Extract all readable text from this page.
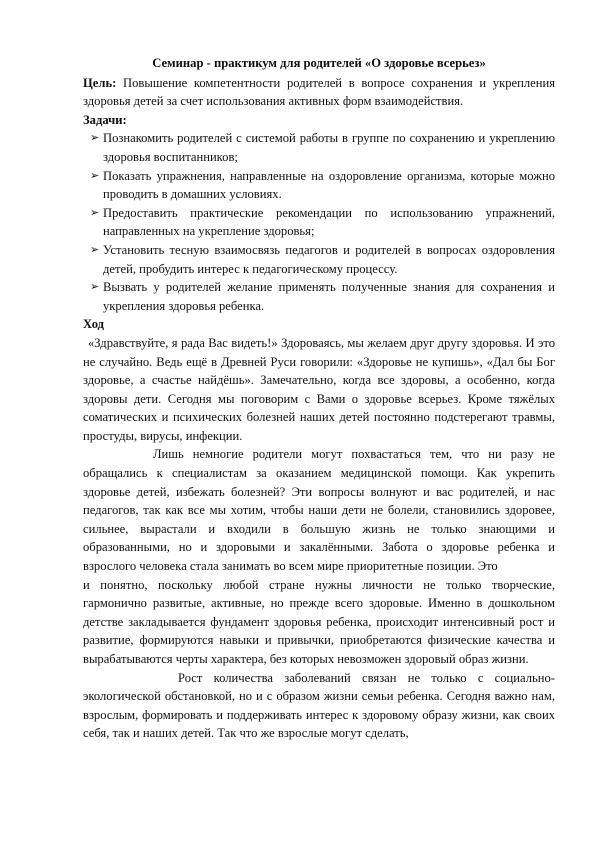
Семинар - практикум для родителей «О здоровье всерьез»

Цель: Повышение компетентности родителей в вопросе сохранения и укрепления здоровья детей за счет использования активных форм взаимодействия.

Задачи:

➢ Познакомить родителей с системой работы в группе по сохранению и укреплению здоровья воспитанников;
➢ Показать упражнения, направленные на оздоровление организма, которые можно проводить в домашних условиях.
➢ Предоставить практические рекомендации по использованию упражнений, направленных на укрепление здоровья;
➢ Установить тесную взаимосвязь педагогов и родителей в вопросах оздоровления детей, пробудить интерес к педагогическому процессу.
➢ Вызвать у родителей желание применять полученные знания для сохранения и укрепления здоровья ребенка.

Ход

«Здравствуйте, я рада Вас видеть!» Здороваясь, мы желаем друг другу здоровья. И это не случайно. Ведь ещё в Древней Руси говорили: «Здоровье не купишь», «Дал бы Бог здоровье, а счастье найдёшь». Замечательно, когда все здоровы, а особенно, когда здоровы дети. Сегодня мы поговорим с Вами о здоровье всерьез. Кроме тяжёлых соматических и психических болезней наших детей постоянно подстерегают травмы, простуды, вирусы, инфекции.

Лишь немногие родители могут похвастаться тем, что ни разу не обращались к специалистам за оказанием медицинской помощи. Как укрепить здоровье детей, избежать болезней? Эти вопросы волнуют и вас родителей, и нас педагогов, так как все мы хотим, чтобы наши дети не болели, становились здоровее, сильнее, вырастали и входили в большую жизнь не только знающими и образованными, но и здоровыми и закалёнными. Забота о здоровье ребенка и взрослого человека стала занимать во всем мире приоритетные позиции. Это

и понятно, поскольку любой стране нужны личности не только творческие, гармонично развитые, активные, но прежде всего здоровые. Именно в дошкольном детстве закладывается фундамент здоровья ребенка, происходит интенсивный рост и развитие, формируются навыки и привычки, приобретаются физические качества и вырабатываются черты характера, без которых невозможен здоровый образ жизни.

Рост количества заболеваний связан не только с социально-экологической обстановкой, но и с образом жизни семьи ребенка. Сегодня важно нам, взрослым, формировать и поддерживать интерес к здоровому образу жизни, как своих себя, так и наших детей. Так что же взрослые могут сделать,
